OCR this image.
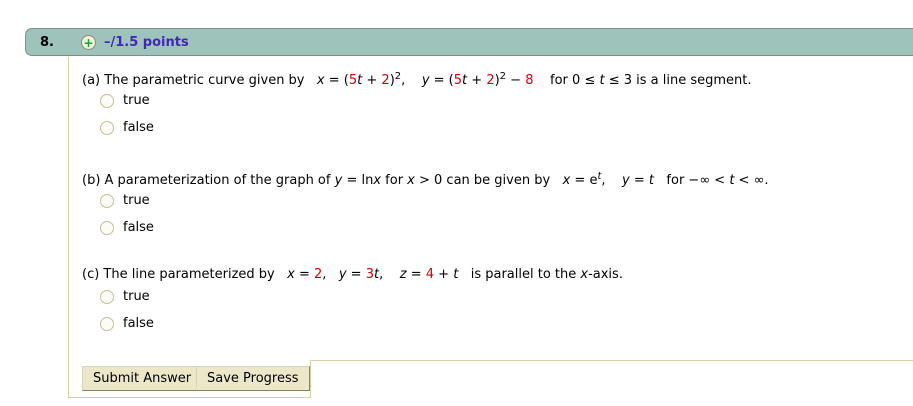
8. + –/1.5 points
(a) The parametric curve given by   $x = (5t + 2)^2$,    $y = (5t + 2)^2 - 8$    for 0 ≤ t ≤ 3 is a line segment.
true
false
(b) A parameterization of the graph of y = lnx for x > 0 can be given by   $x = e^t$,    y = t   for −∞ < t < ∞.
true
false
(c) The line parameterized by   x = 2,   y = 3t,    z = 4 + t   is parallel to the x-axis.
true
false
Submit Answer	Save Progress
